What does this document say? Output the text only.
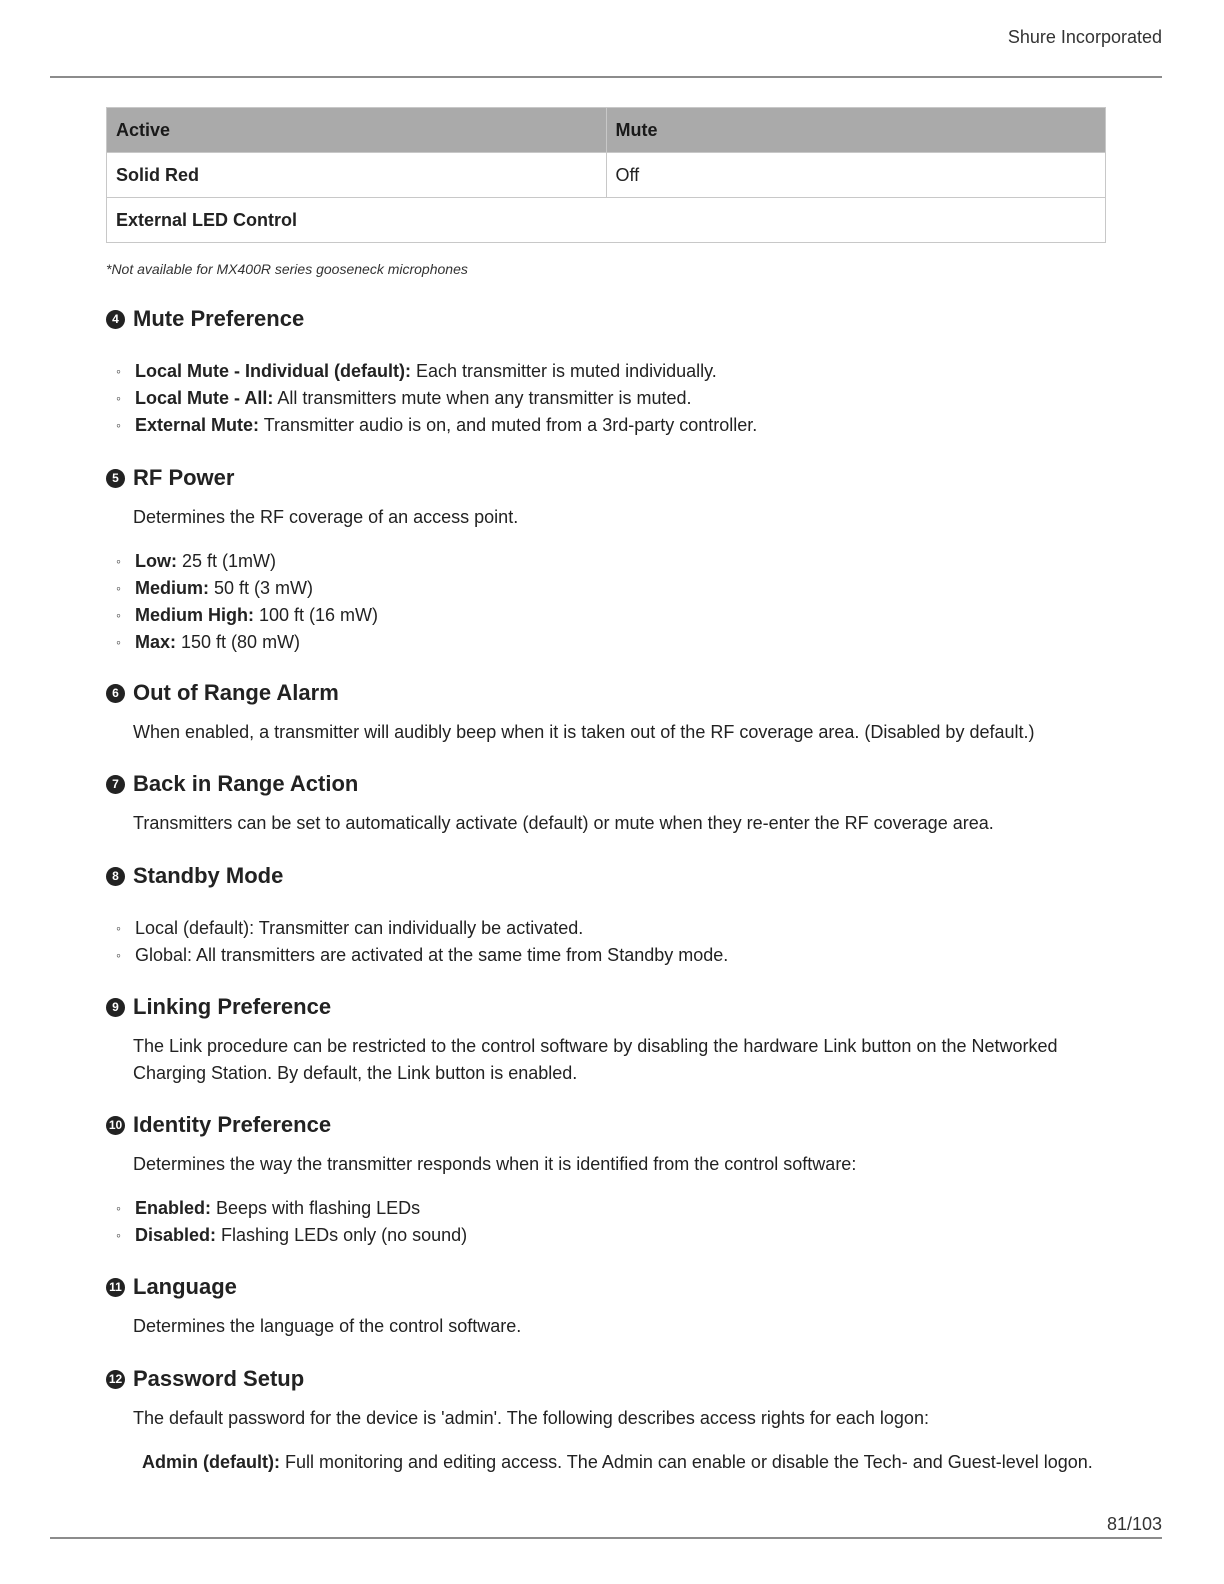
Shure Incorporated
Active	Mute
Solid Red	Off
External LED Control	
*Not available for MX400R series gooseneck microphones
4 Mute Preference
◦ Local Mute - Individual (default): Each transmitter is muted individually.
◦ Local Mute - All: All transmitters mute when any transmitter is muted.
◦ External Mute: Transmitter audio is on, and muted from a 3rd-party controller.
5 RF Power

Determines the RF coverage of an access point.

◦ Low: 25 ft (1mW)
◦ Medium: 50 ft (3 mW)
◦ Medium High: 100 ft (16 mW)
◦ Max: 150 ft (80 mW)
6 Out of Range Alarm

When enabled, a transmitter will audibly beep when it is taken out of the RF coverage area. (Disabled by default.)

7 Back in Range Action

Transmitters can be set to automatically activate (default) or mute when they re-enter the RF coverage area.

8 Standby Mode
◦ Local (default): Transmitter can individually be activated.
◦ Global: All transmitters are activated at the same time from Standby mode.
9 Linking Preference

The Link procedure can be restricted to the control software by disabling the hardware Link button on the Networked Charging Station. By default, the Link button is enabled.

10 Identity Preference

Determines the way the transmitter responds when it is identified from the control software:

◦ Enabled: Beeps with flashing LEDs
◦ Disabled: Flashing LEDs only (no sound)
11 Language

Determines the language of the control software.

12 Password Setup

The default password for the device is 'admin'. The following describes access rights for each logon:

Admin (default): Full monitoring and editing access. The Admin can enable or disable the Tech- and Guest-level logon.

81/103
